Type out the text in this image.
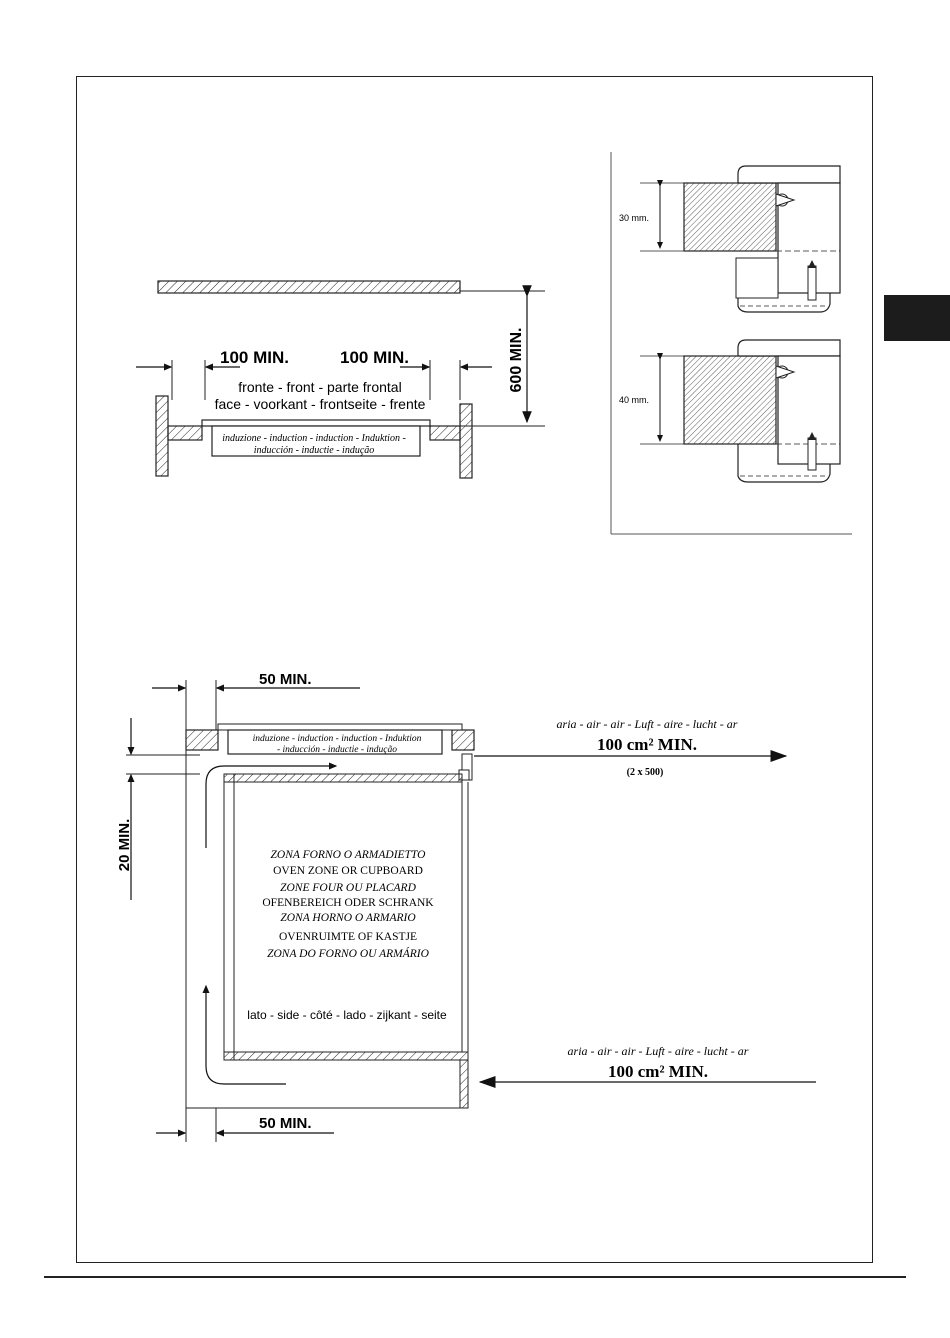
600 MIN.
induzione - induction - induction - Induktion -
inducción - inductie - indução
100 MIN.	100 MIN.
fronte - front - parte frontal
face - voorkant - frontseite - frente
30 mm.
40 mm.
50 MIN.
20 MIN.
induzione - induction - induction - Induktion
- inducción - inductie - indução
ZONA FORNO O ARMADIETTO
OVEN ZONE OR CUPBOARD
ZONE FOUR OU PLACARD
OFENBEREICH ODER SCHRANK
ZONA HORNO O ARMARIO
OVENRUIMTE OF KASTJE
ZONA DO FORNO OU ARMÁRIO
lato - side - côté - lado - zijkant - seite
aria - air - air - Luft - aire - lucht - ar
100 cm² MIN.
(2 x 500)
aria - air - air - Luft - aire - lucht - ar
100 cm² MIN.
50 MIN.
